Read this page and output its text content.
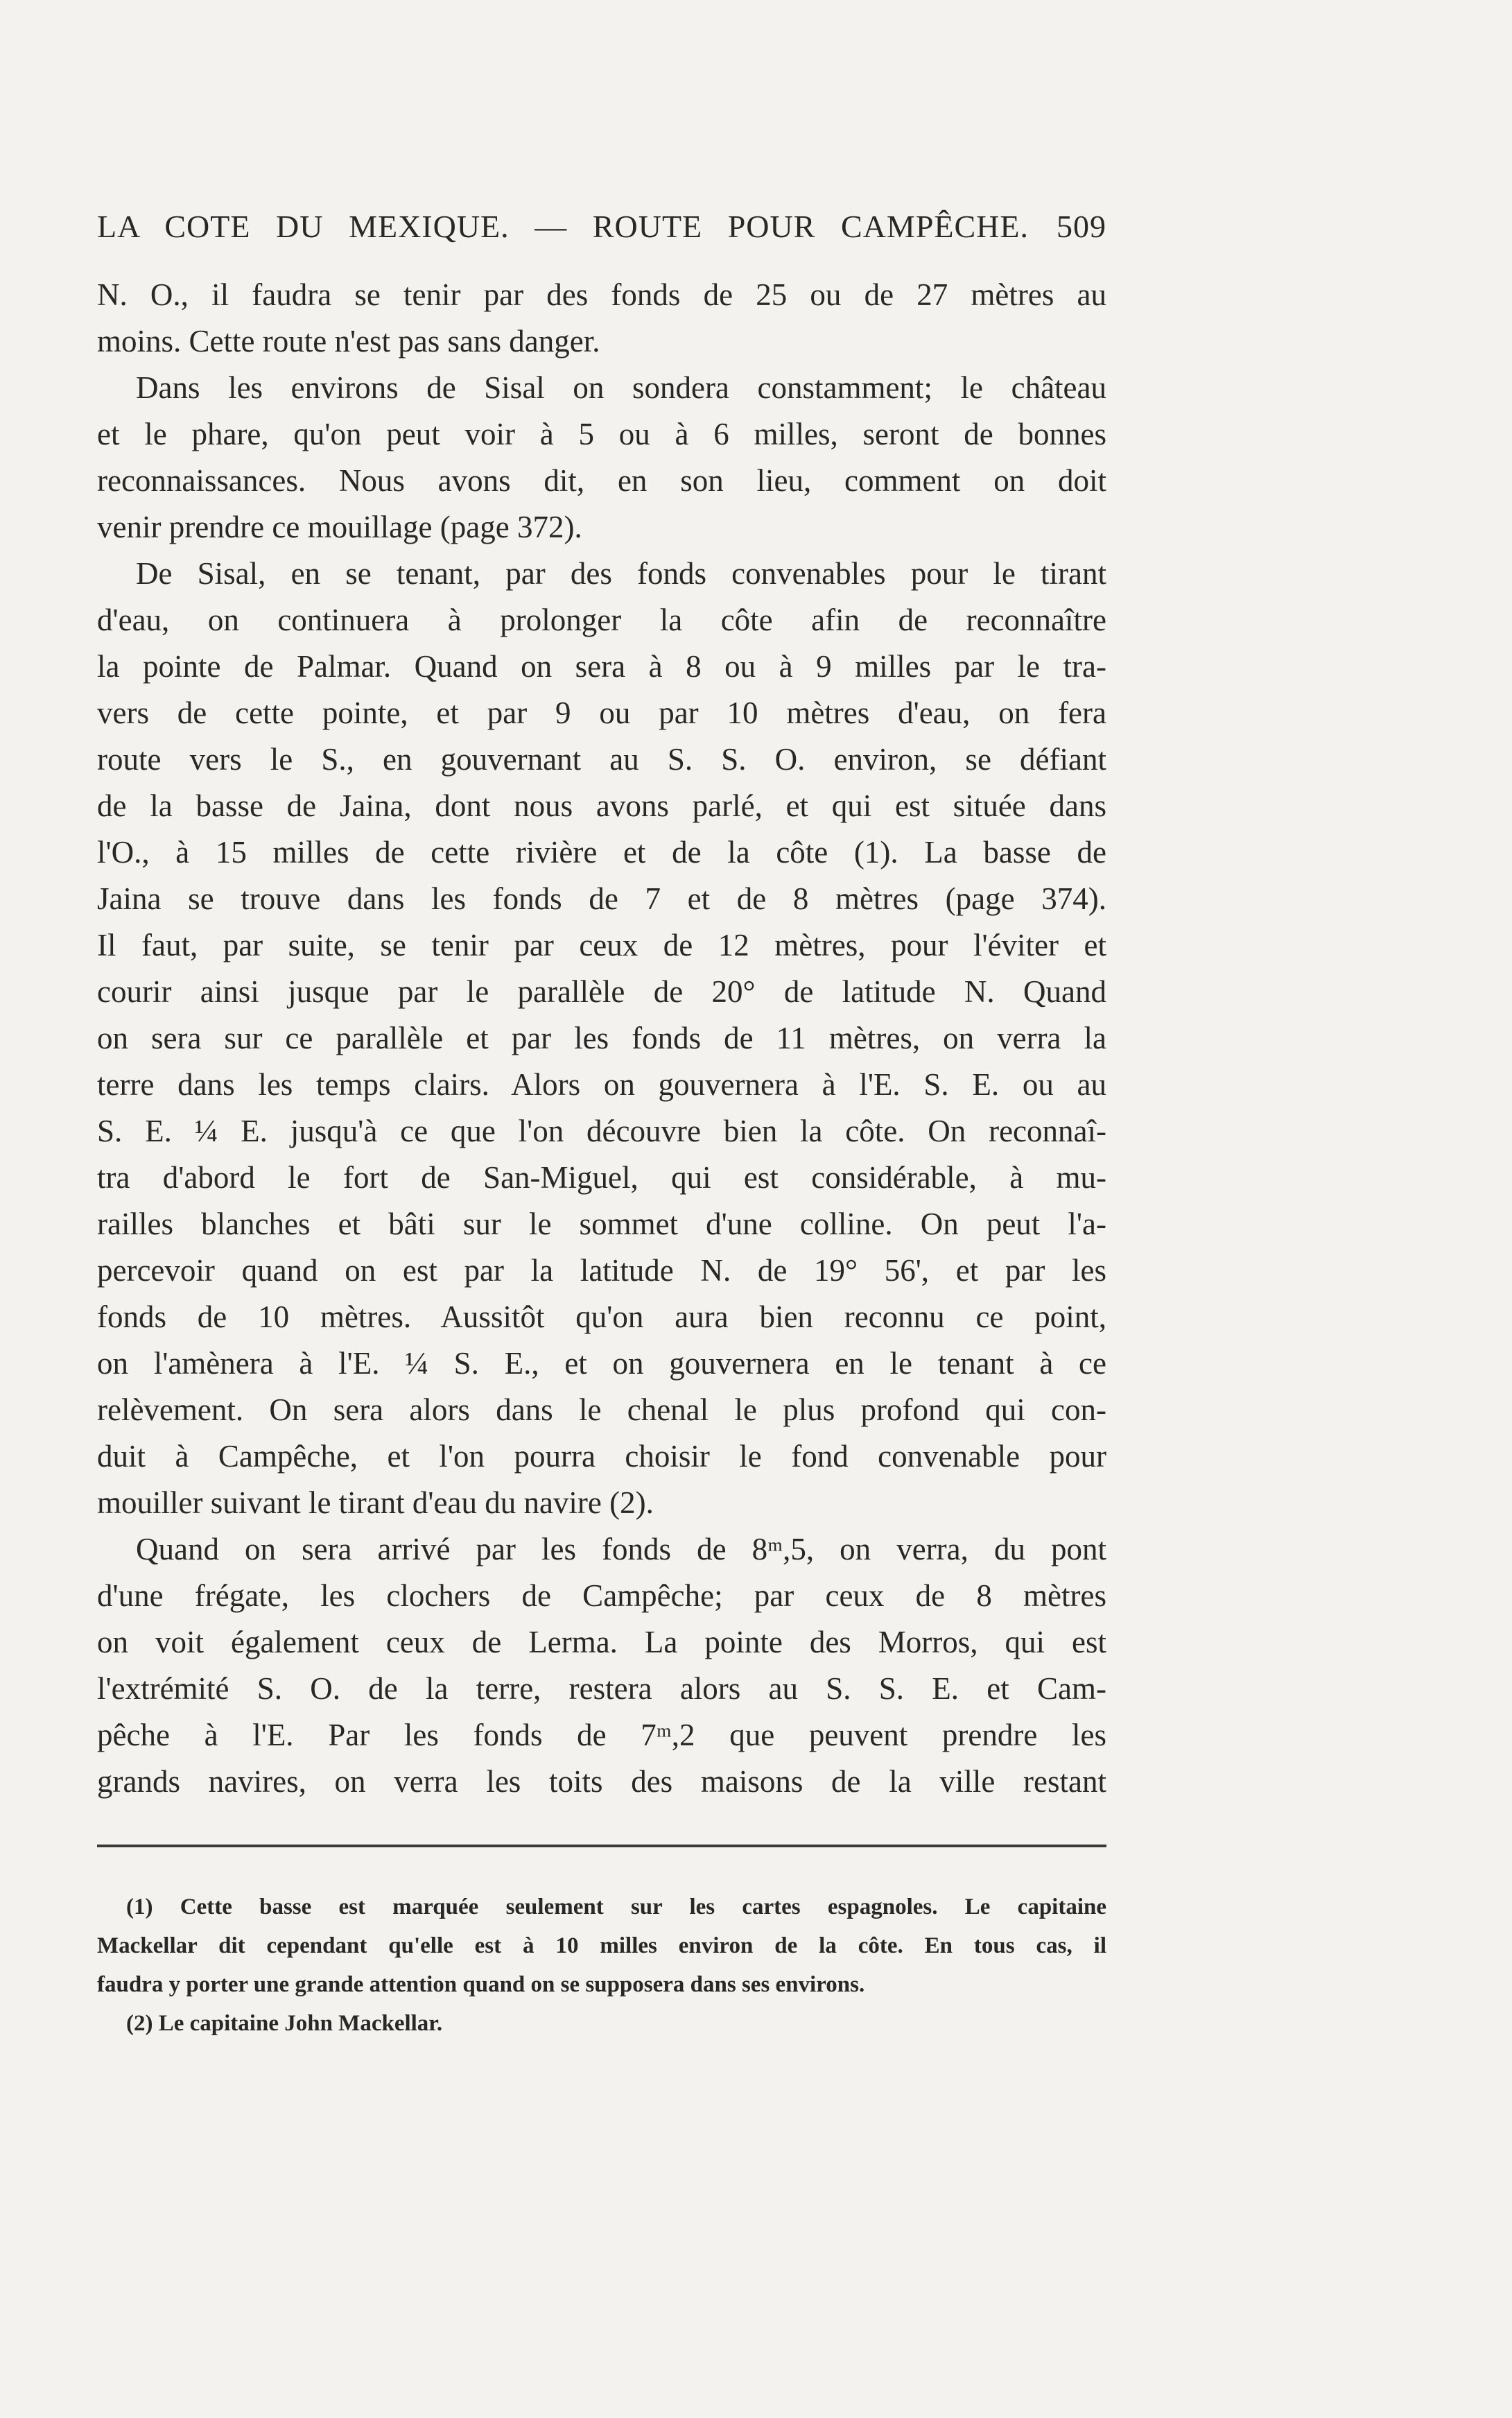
LA COTE DU MEXIQUE. — ROUTE POUR CAMPÊCHE. 509
N. O., il faudra se tenir par des fonds de 25 ou de 27 mètres au
moins. Cette route n'est pas sans danger.
Dans les environs de Sisal on sondera constamment; le château
et le phare, qu'on peut voir à 5 ou à 6 milles, seront de bonnes
reconnaissances. Nous avons dit, en son lieu, comment on doit
venir prendre ce mouillage (page 372).
De Sisal, en se tenant, par des fonds convenables pour le tirant
d'eau, on continuera à prolonger la côte afin de reconnaître
la pointe de Palmar. Quand on sera à 8 ou à 9 milles par le tra-
vers de cette pointe, et par 9 ou par 10 mètres d'eau, on fera
route vers le S., en gouvernant au S. S. O. environ, se défiant
de la basse de Jaina, dont nous avons parlé, et qui est située dans
l'O., à 15 milles de cette rivière et de la côte (1). La basse de
Jaina se trouve dans les fonds de 7 et de 8 mètres (page 374).
Il faut, par suite, se tenir par ceux de 12 mètres, pour l'éviter et
courir ainsi jusque par le parallèle de 20° de latitude N. Quand
on sera sur ce parallèle et par les fonds de 11 mètres, on verra la
terre dans les temps clairs. Alors on gouvernera à l'E. S. E. ou au
S. E. ¼ E. jusqu'à ce que l'on découvre bien la côte. On reconnaî-
tra d'abord le fort de San-Miguel, qui est considérable, à mu-
railles blanches et bâti sur le sommet d'une colline. On peut l'a-
percevoir quand on est par la latitude N. de 19° 56', et par les
fonds de 10 mètres. Aussitôt qu'on aura bien reconnu ce point,
on l'amènera à l'E. ¼ S. E., et on gouvernera en le tenant à ce
relèvement. On sera alors dans le chenal le plus profond qui con-
duit à Campêche, et l'on pourra choisir le fond convenable pour
mouiller suivant le tirant d'eau du navire (2).
Quand on sera arrivé par les fonds de 8ᵐ,5, on verra, du pont
d'une frégate, les clochers de Campêche; par ceux de 8 mètres
on voit également ceux de Lerma. La pointe des Morros, qui est
l'extrémité S. O. de la terre, restera alors au S. S. E. et Cam-
pêche à l'E. Par les fonds de 7ᵐ,2 que peuvent prendre les
grands navires, on verra les toits des maisons de la ville restant
(1) Cette basse est marquée seulement sur les cartes espagnoles. Le capitaine
Mackellar dit cependant qu'elle est à 10 milles environ de la côte. En tous cas, il
faudra y porter une grande attention quand on se supposera dans ses environs.
(2) Le capitaine John Mackellar.
